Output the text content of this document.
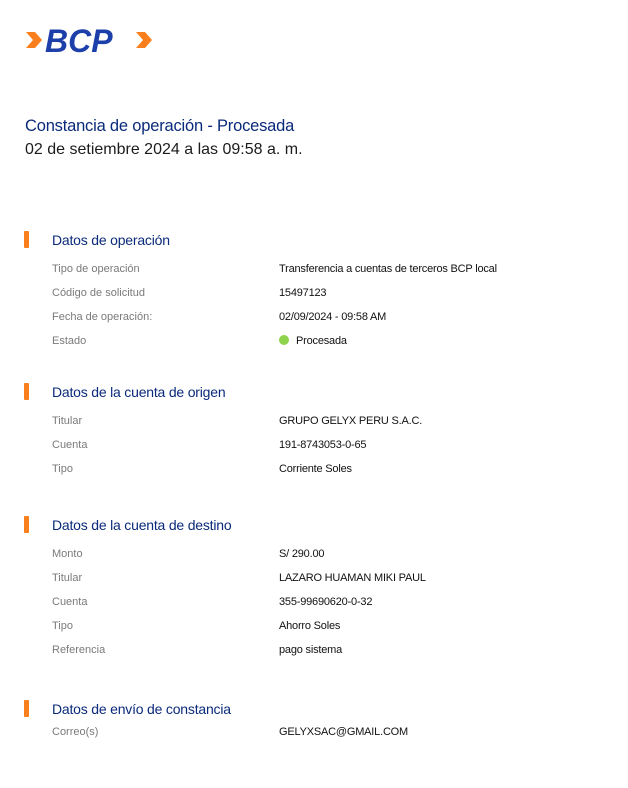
BCP
Constancia de operación - Procesada
02 de setiembre 2024 a las 09:58 a. m.
Datos de operación
Tipo de operación	Transferencia a cuentas de terceros BCP local
Código de solicitud	15497123
Fecha de operación:	02/09/2024 - 09:58 AM
Estado	Procesada
Datos de la cuenta de origen
Titular	GRUPO GELYX PERU S.A.C.
Cuenta	191-8743053-0-65
Tipo	Corriente Soles
Datos de la cuenta de destino
Monto	S/ 290.00
Titular	LAZARO HUAMAN MIKI PAUL
Cuenta	355-99690620-0-32
Tipo	Ahorro Soles
Referencia	pago sistema
Datos de envío de constancia
Correo(s)	GELYXSAC@GMAIL.COM
